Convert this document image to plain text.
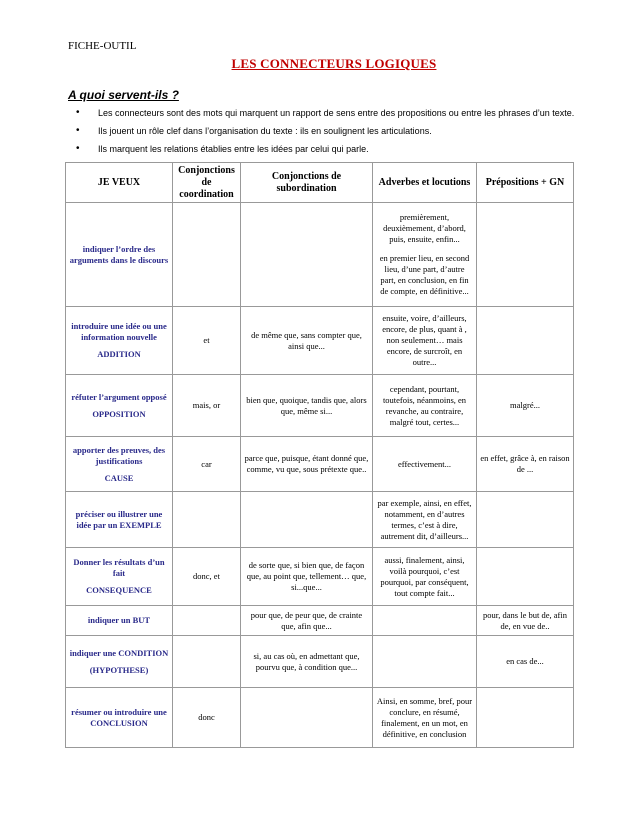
FICHE-OUTIL
LES CONNECTEURS LOGIQUES
A quoi servent-ils ?
• Les connecteurs sont des mots qui marquent un rapport de sens entre des propositions ou entre les phrases d’un texte.
• Ils jouent un rôle clef dans l’organisation du texte : ils en soulignent les articulations.
• Ils marquent les relations établies entre les idées par celui qui parle.
JE VEUX	Conjonctions de coordination	Conjonctions de subordination	Adverbes et locutions	Prépositions + GN
indiquer l’ordre des arguments dans le discours			premièrement, deuxièmement, d’abord, puis, ensuite, enfin...
en premier lieu, en second lieu, d’une part, d’autre part, en conclusion, en fin de compte, en définitive...	
introduire une idée ou une information nouvelle
ADDITION	et	de même que, sans compter que, ainsi que...	ensuite, voire, d’ailleurs, encore, de plus, quant à , non seulement… mais encore, de surcroît, en outre...	
réfuter l’argument opposé
OPPOSITION	mais, or	bien que, quoique, tandis que, alors que, même si...	cependant, pourtant, toutefois, néanmoins, en revanche, au contraire, malgré tout, certes...	malgré...
apporter des preuves, des justifications
CAUSE	car	parce que, puisque, étant donné que, comme, vu que, sous prétexte que..	effectivement...	en effet, grâce à, en raison de ...
préciser ou illustrer une idée par un EXEMPLE			par exemple, ainsi, en effet, notamment, en d’autres termes, c’est à dire, autrement dit, d’ailleurs...	
Donner les résultats d’un fait
CONSEQUENCE	donc, et	de sorte que, si bien que, de façon que, au point que, tellement… que, si...que...	aussi, finalement, ainsi, voilà pourquoi, c’est pourquoi, par conséquent, tout compte fait...	
indiquer un BUT		pour que, de peur que, de crainte que, afin que...		pour, dans le but de, afin de, en vue de..
indiquer une CONDITION
(HYPOTHESE)		si, au cas où, en admettant que, pourvu que, à condition que...		en cas de...
résumer ou introduire une CONCLUSION	donc		Ainsi, en somme, bref, pour conclure, en résumé, finalement, en un mot, en définitive, en conclusion	
